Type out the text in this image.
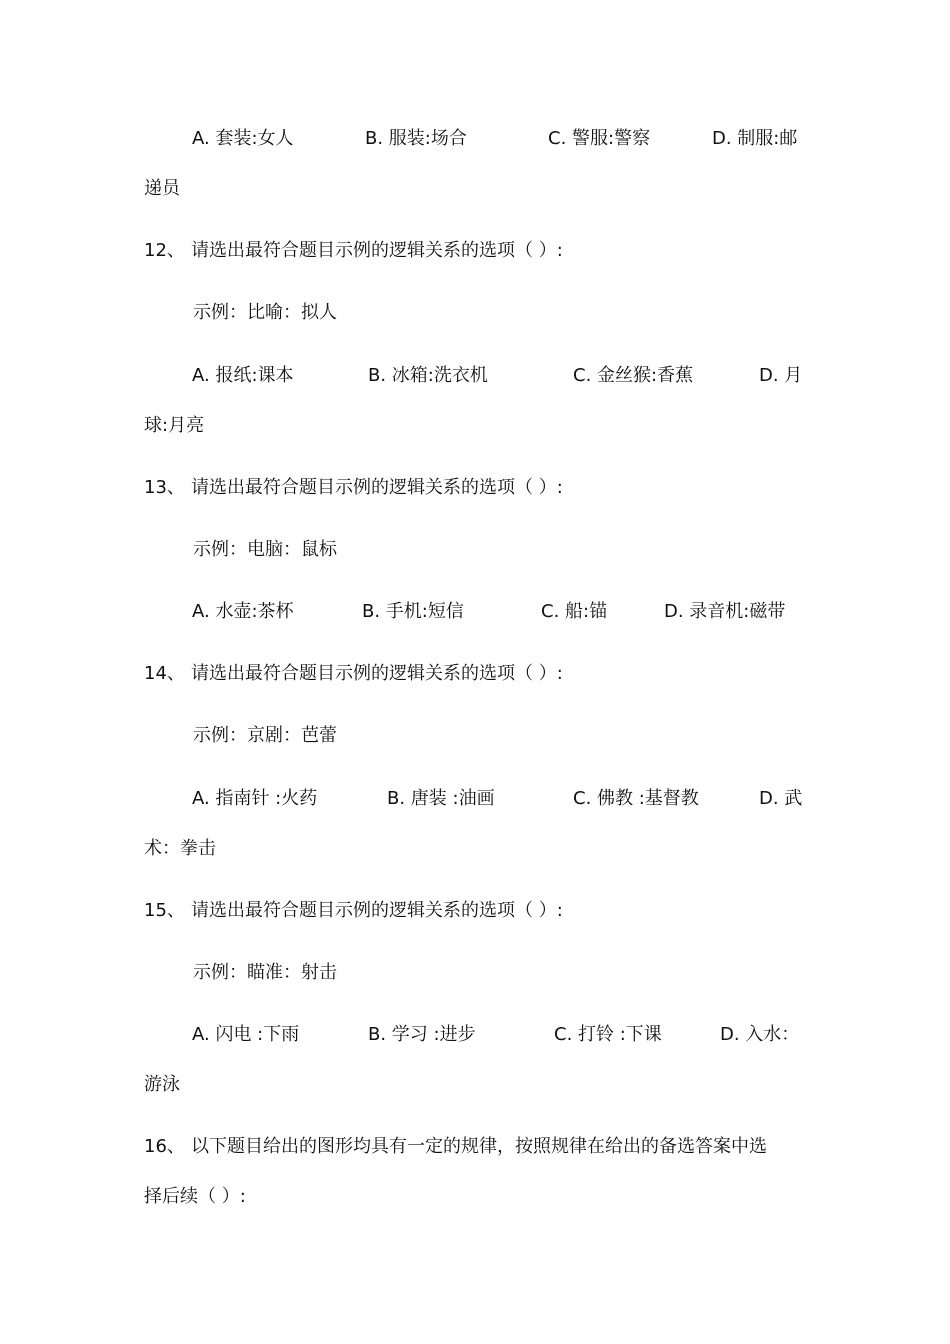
A. 套装:女人	B. 服装:场合	C. 警服:警察	D. 制服:邮
递员
12、 请选出最符合题目示例的逻辑关系的选项（ ）:
示例：比喻：拟人
A. 报纸:课本	B. 冰箱:洗衣机	C. 金丝猴:香蕉	D. 月
球:月亮
13、 请选出最符合题目示例的逻辑关系的选项（ ）:
示例：电脑：鼠标
A. 水壶:茶杯	B. 手机:短信	C. 船:锚	D. 录音机:磁带
14、 请选出最符合题目示例的逻辑关系的选项（ ）:
示例：京剧：芭蕾
A. 指南针 :火药	B. 唐装 :油画	C. 佛教 :基督教	D. 武
术：拳击
15、 请选出最符合题目示例的逻辑关系的选项（ ）:
示例：瞄准：射击
A. 闪电 :下雨	B. 学习 :进步	C. 打铃 :下课	D. 入水：
游泳
16、 以下题目给出的图形均具有一定的规律，按照规律在给出的备选答案中选
择后续（ ）:
